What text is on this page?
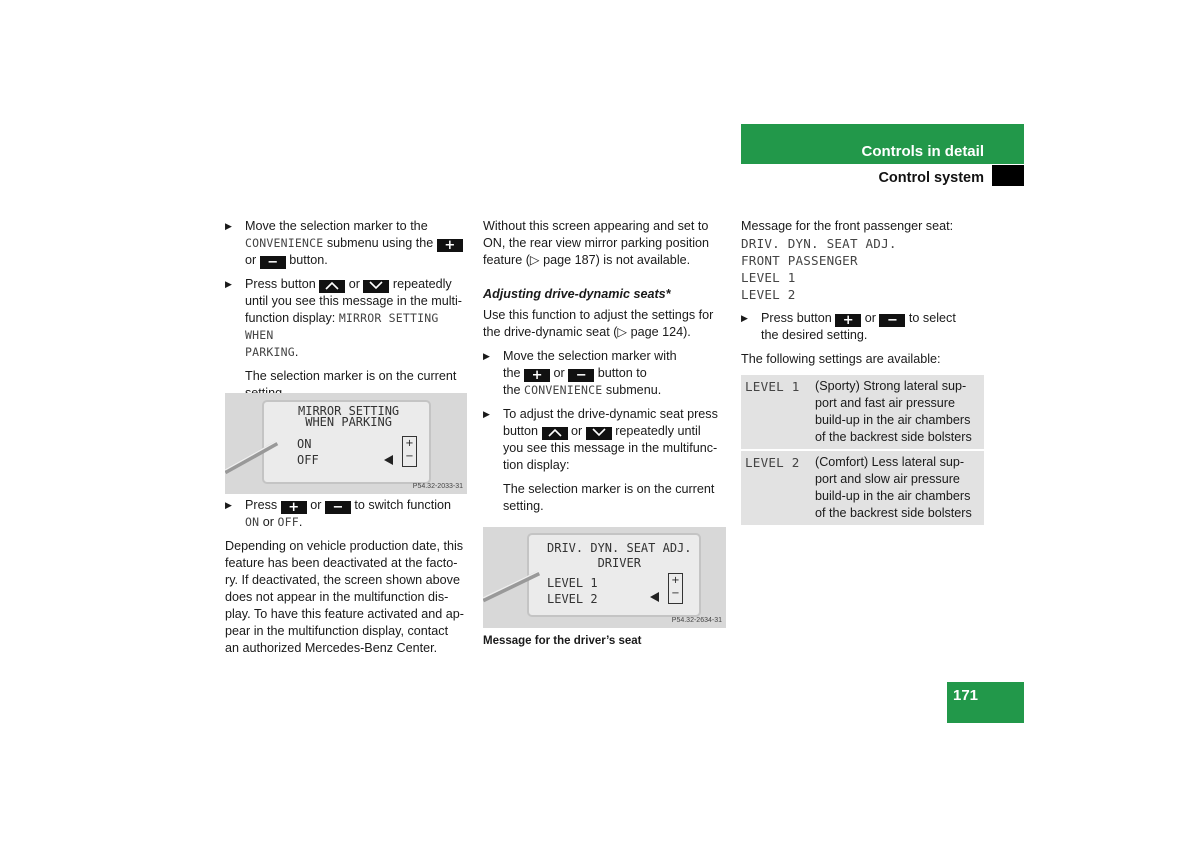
Controls in detail
Control system
▶ Move the selection marker to the
CONVENIENCE submenu using the +
or − button.
▶ Press button	or	repeatedly
until you see this message in the multi-
function display: MIRROR SETTING WHEN
PARKING.
The selection marker is on the current

MIRROR SETTING
WHEN PARKING
ON
OFF
+
−
P54.32-2033-31
▶ Press + or − to switch function
ON or OFF.
Depending on vehicle production date, this
feature has been deactivated at the facto-
ry. If deactivated, the screen shown above
does not appear in the multifunction dis-
play. To have this feature activated and ap-
pear in the multifunction display, contact
an authorized Mercedes-Benz Center.
Without this screen appearing and set to
ON, the rear view mirror parking position
feature (▷ page 187) is not available.
Adjusting drive-dynamic seats*
Use this function to adjust the settings for
the drive-dynamic seat (▷ page 124).
▶ Move the selection marker with
the + or − button to
the CONVENIENCE submenu.
▶ To adjust the drive-dynamic seat press
button	or	repeatedly until
you see this message in the multifunc-
tion display:
The selection marker is on the current
setting.
DRIV. DYN. SEAT ADJ.
DRIVER
LEVEL 1
LEVEL 2
+
−
P54.32-2634-31
Message for the driver’s seat
Message for the front passenger seat:
DRIV. DYN. SEAT ADJ.
FRONT PASSENGER
LEVEL 1
LEVEL 2
▶ Press button + or − to select
the desired setting.
The following settings are available:
LEVEL 1	(Sporty) Strong lateral sup-
port and fast air pressure
build-up in the air chambers
of the backrest side bolsters
LEVEL 2	(Comfort) Less lateral sup-
port and slow air pressure
build-up in the air chambers
of the backrest side bolsters
171
